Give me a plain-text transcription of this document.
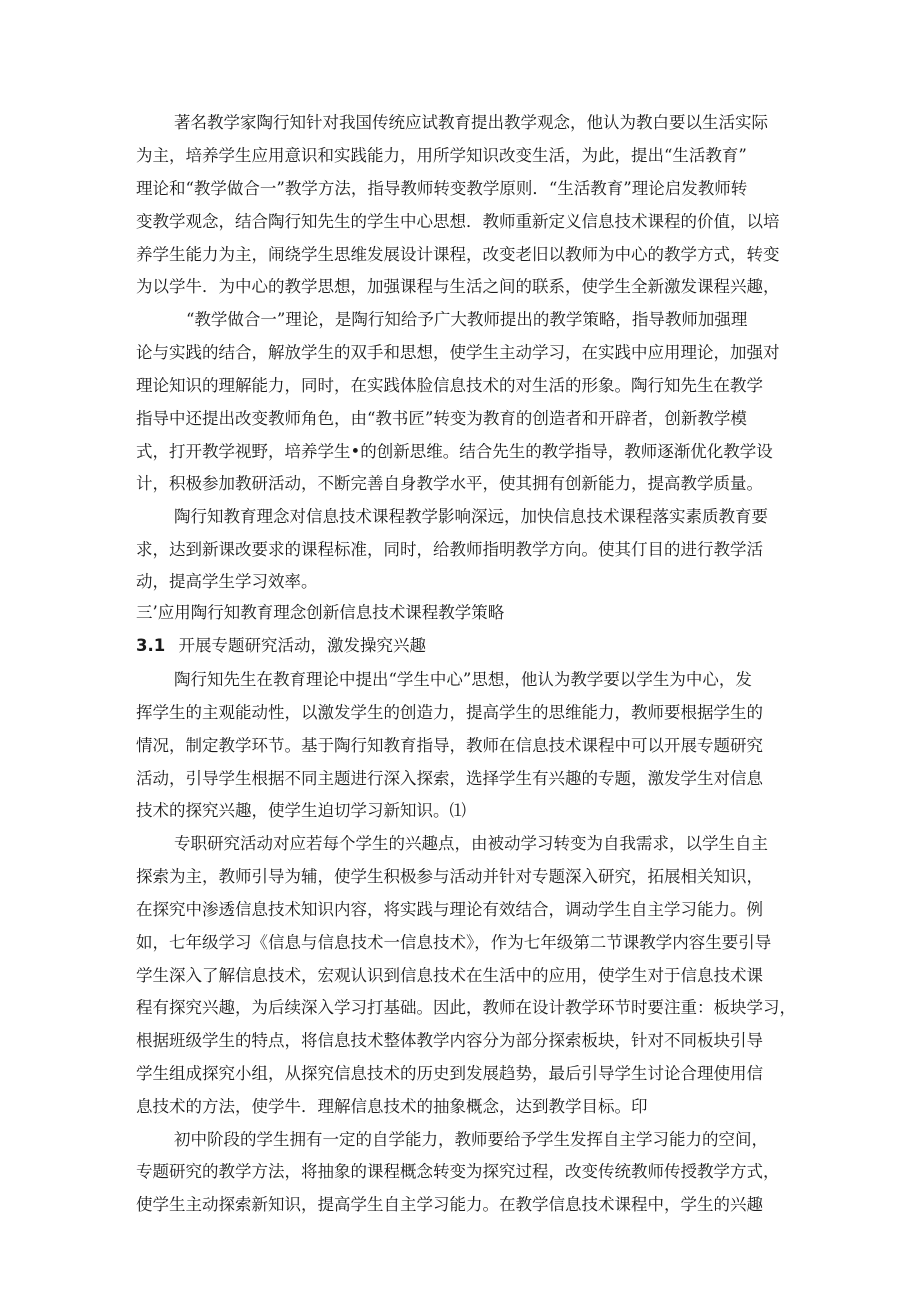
著名教学家陶行知针对我国传统应试教育提出教学观念，他认为教白要以生活实际

为主，培养学生应用意识和实践能力，用所学知识改变生活，为此，提出“生活教育”

理论和“教学做合一”教学方法，指导教师转变教学原则．“生活教育”理论启发教师转

变教学观念，结合陶行知先生的学生中心思想．教师重新定义信息技术课程的价值，以培

养学生能力为主，闹绕学生思维发展设计课程，改变老旧以教师为中心的教学方式，转变

为以学牛．为中心的教学思想，加强课程与生活之间的联系，使学生全新激发课程兴趣，

“教学做合一”理论，是陶行知给予广大教师提出的教学策略，指导教师加强理

论与实践的结合，解放学生的双手和思想，使学生主动学习，在实践中应用理论，加强对

理论知识的理解能力，同时，在实践体脸信息技术的对生活的形象。陶行知先生在教学

指导中还提出改变教师角色，由“教书匠”转变为教育的创造者和开辟者，创新教学模

式，打开教学视野，培养学生•的创新思维。结合先生的教学指导，教师逐渐优化教学设

计，积极参加教研活动，不断完善自身教学水平，使其拥有创新能力，提高教学质量。

陶行知教育理念对信息技术课程教学影响深远，加快信息技术课程落实素质教育要

求，达到新课改要求的课程标准，同时，给教师指明教学方向。使其仃目的进行教学活

动，提高学生学习效率。

三’应用陶行知教育理念创新信息技术课程教学策略

3.1 开展专题研究活动，激发操究兴趣

陶行知先生在教育理论中提出“学生中心”思想，他认为教学要以学生为中心，发

挥学生的主观能动性，以激发学生的创造力，提高学生的思维能力，教师要根据学生的

情况，制定教学环节。基于陶行知教育指导，教师在信息技术课程中可以开展专题研究

活动，引导学生根据不同主题进行深入探索，选择学生有兴趣的专题，激发学生对信息

技术的探究兴趣，使学生迫切学习新知识。⑴

专职研究活动对应若每个学生的兴趣点，由被动学习转变为自我需求，以学生自主

探索为主，教师引导为辅，使学生积极参与活动并针对专题深入研究，拓展相关知识，

在探究中渗透信息技术知识内容，将实践与理论有效结合，调动学生自主学习能力。例

如，七年级学习《信息与信息技术一信息技术》，作为七年级第二节课教学内容生要引导

学生深入了解信息技术，宏观认识到信息技术在生活中的应用，使学生对于信息技术课

程有探究兴趣，为后续深入学习打基础。因此，教师在设计教学环节时要注重：板块学习，

根据班级学生的特点，将信息技术整体教学内容分为部分探索板块，针对不同板块引导

学生组成探究小组，从探究信息技术的历史到发展趋势，最后引导学生讨论合理使用信

息技术的方法，使学牛．理解信息技术的抽象概念，达到教学目标。印

初中阶段的学生拥有一定的自学能力，教师要给予学生发挥自主学习能力的空间，

专题研究的教学方法，将抽象的课程概念转变为探究过程，改变传统教师传授教学方式，

使学生主动探索新知识，提高学生自主学习能力。在教学信息技术课程中，学生的兴趣
